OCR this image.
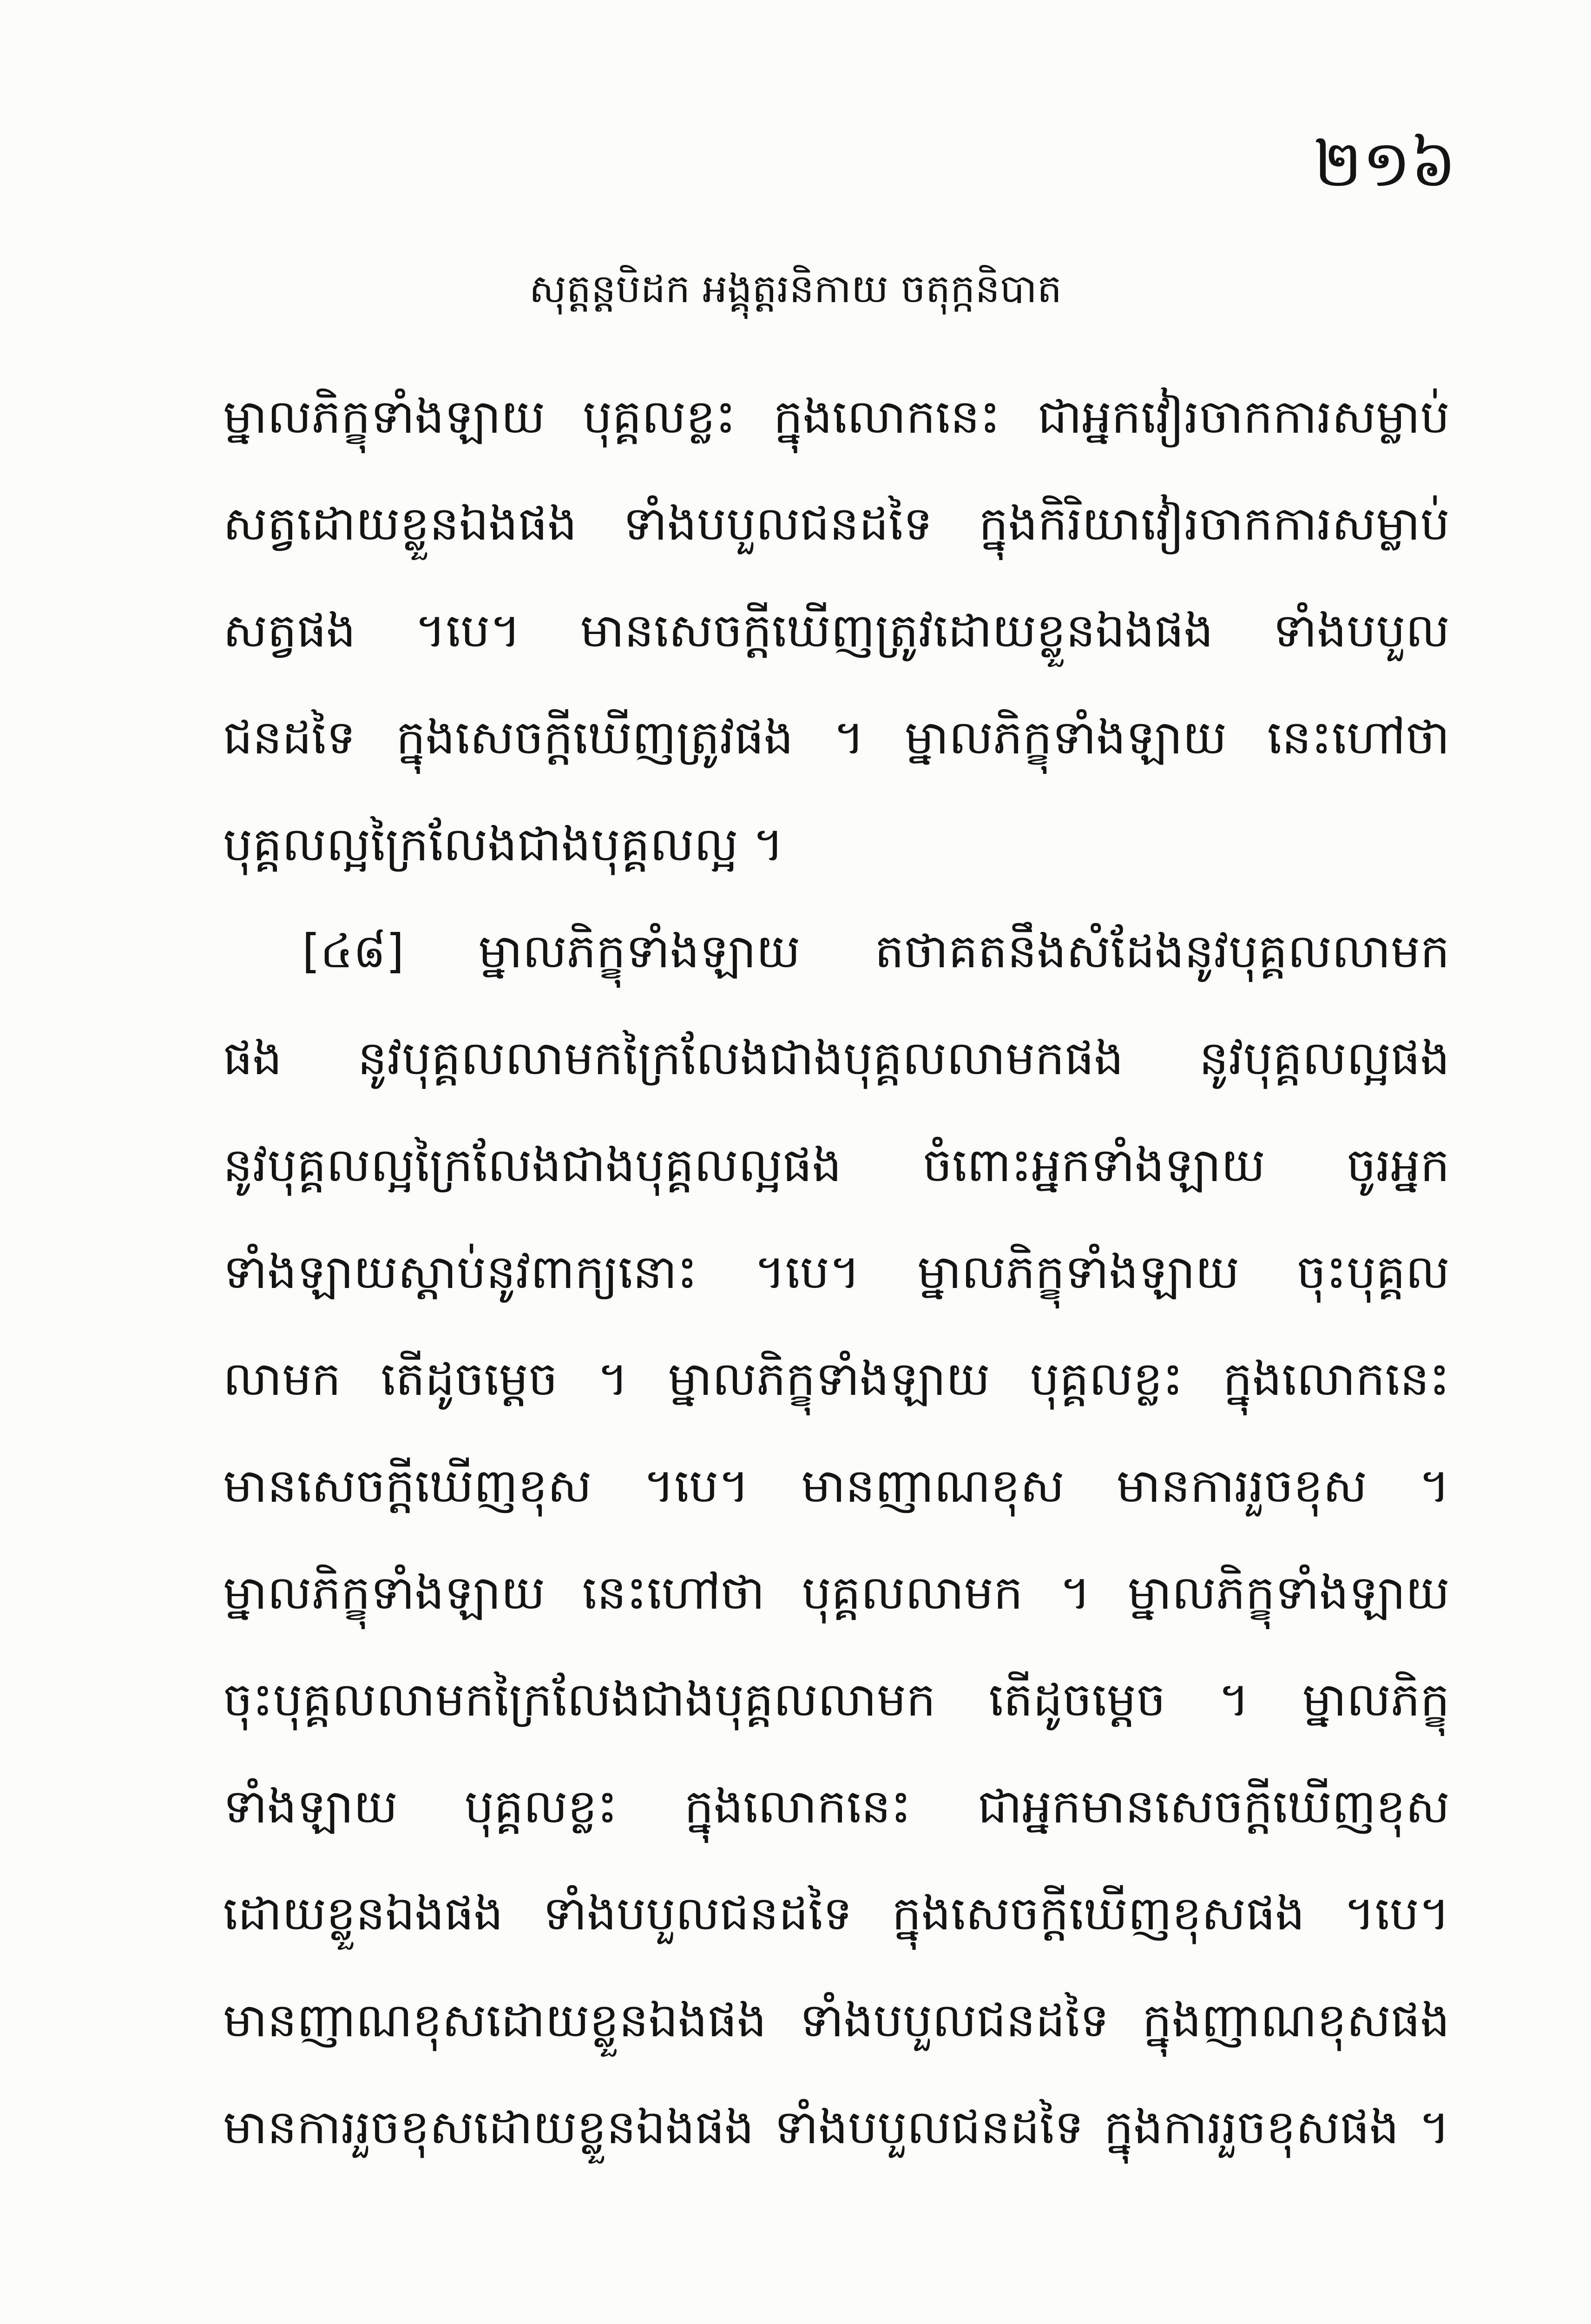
២១៦
សុត្តន្តបិដក អង្គុត្តរនិកាយ ចតុក្កនិបាត
ម្នាលភិក្ខុទាំងឡាយ បុគ្គលខ្លះ ក្នុងលោកនេះ ជាអ្នកវៀរចាកការសម្លាប់
សត្វដោយខ្លួនឯងផង ទាំងបបួលជនដទៃ ក្នុងកិរិយាវៀរចាកការសម្លាប់
សត្វផង ។បេ។ មានសេចក្ដីឃើញត្រូវដោយខ្លួនឯងផង ទាំងបបួល
ជនដទៃ ក្នុងសេចក្ដីឃើញត្រូវផង ។ ម្នាលភិក្ខុទាំងឡាយ នេះហៅថា
បុគ្គលល្អក្រៃលែងជាងបុគ្គលល្អ ។
[៤៨] ម្នាលភិក្ខុទាំងឡាយ តថាគតនឹងសំដែងនូវបុគ្គលលាមក
ផង នូវបុគ្គលលាមកក្រៃលែងជាងបុគ្គលលាមកផង នូវបុគ្គលល្អផង
នូវបុគ្គលល្អក្រៃលែងជាងបុគ្គលល្អផង ចំពោះអ្នកទាំងឡាយ ចូរអ្នក
ទាំងឡាយស្ដាប់នូវពាក្យនោះ ។បេ។ ម្នាលភិក្ខុទាំងឡាយ ចុះបុគ្គល
លាមក តើដូចម្ដេច ។ ម្នាលភិក្ខុទាំងឡាយ បុគ្គលខ្លះ ក្នុងលោកនេះ
មានសេចក្ដីឃើញខុស ។បេ។ មានញាណខុស មានការរួចខុស ។
ម្នាលភិក្ខុទាំងឡាយ នេះហៅថា បុគ្គលលាមក ។ ម្នាលភិក្ខុទាំងឡាយ
ចុះបុគ្គលលាមកក្រៃលែងជាងបុគ្គលលាមក តើដូចម្ដេច ។ ម្នាលភិក្ខុ
ទាំងឡាយ បុគ្គលខ្លះ ក្នុងលោកនេះ ជាអ្នកមានសេចក្ដីឃើញខុស
ដោយខ្លួនឯងផង ទាំងបបួលជនដទៃ ក្នុងសេចក្ដីឃើញខុសផង ។បេ។
មានញាណខុសដោយខ្លួនឯងផង ទាំងបបួលជនដទៃ ក្នុងញាណខុសផង
មានការរួចខុសដោយខ្លួនឯងផង ទាំងបបួលជនដទៃ ក្នុងការរួចខុសផង ។
